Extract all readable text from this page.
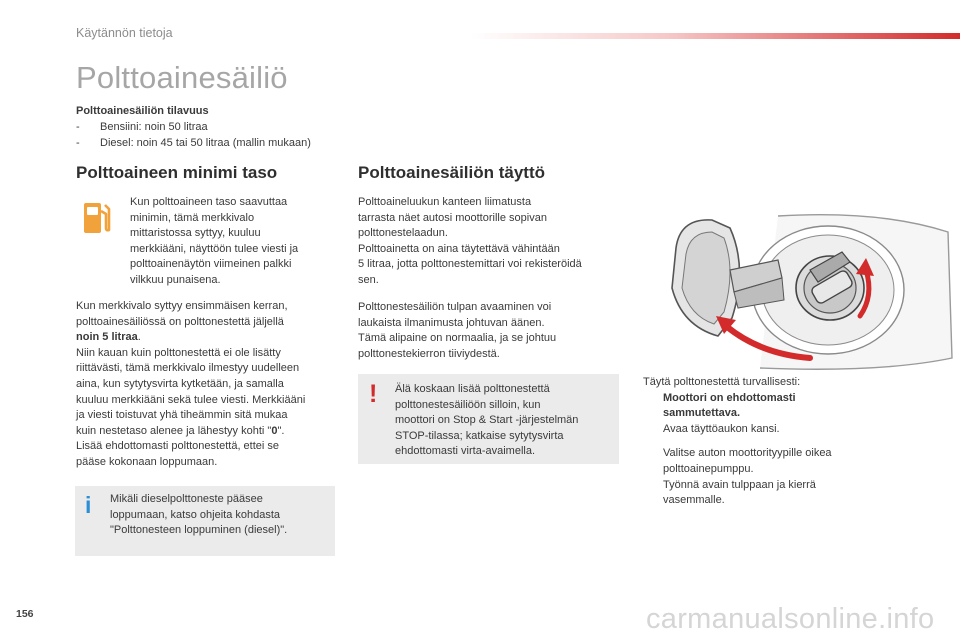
Käytännön tietoja
Polttoainesäiliö
Polttoainesäiliön tilavuus
- Bensiini: noin 50 litraa
- Diesel: noin 45 tai 50 litraa (mallin mukaan)
Polttoaineen minimi taso
Kun polttoaineen taso saavuttaa
minimin, tämä merkkivalo
mittaristossa syttyy, kuuluu
merkkiääni, näyttöön tulee viesti ja
polttoainenäytön viimeinen palkki
vilkkuu punaisena.
Kun merkkivalo syttyy ensimmäisen kerran,
polttoainesäiliössä on polttonestettä jäljellä
noin 5 litraa.
Niin kauan kuin polttonestettä ei ole lisätty
riittävästi, tämä merkkivalo ilmestyy uudelleen
aina, kun sytytysvirta kytketään, ja samalla
kuuluu merkkiääni sekä tulee viesti. Merkkiääni
ja viesti toistuvat yhä tiheämmin sitä mukaa
kuin nestetaso alenee ja lähestyy kohti "0".
Lisää ehdottomasti polttonestettä, ettei se
pääse kokonaan loppumaan.
i Mikäli dieselpolttoneste pääsee
loppumaan, katso ohjeita kohdasta
"Polttonesteen loppuminen (diesel)".
Polttoainesäiliön täyttö
Polttoaineluukun kanteen liimatusta
tarrasta näet autosi moottorille sopivan
polttonestelaadun.
Polttoainetta on aina täytettävä vähintään
5 litraa, jotta polttonestemittari voi rekisteröidä
sen.
Polttonestesäiliön tulpan avaaminen voi
laukaista ilmanimusta johtuvan äänen.
Tämä alipaine on normaalia, ja se johtuu
polttonestekierron tiiviydestä.
! Älä koskaan lisää polttonestettä
polttonestesäiliöön silloin, kun
moottori on Stop & Start -järjestelmän
STOP-tilassa; katkaise sytytysvirta
ehdottomasti virta-avaimella.
Täytä polttonestettä turvallisesti:
Moottori on ehdottomasti
sammutettava.
Avaa täyttöaukon kansi.
Valitse auton moottorityypille oikea
polttoainepumppu.
Työnnä avain tulppaan ja kierrä
vasemmalle.
156	carmanualsonline.info
